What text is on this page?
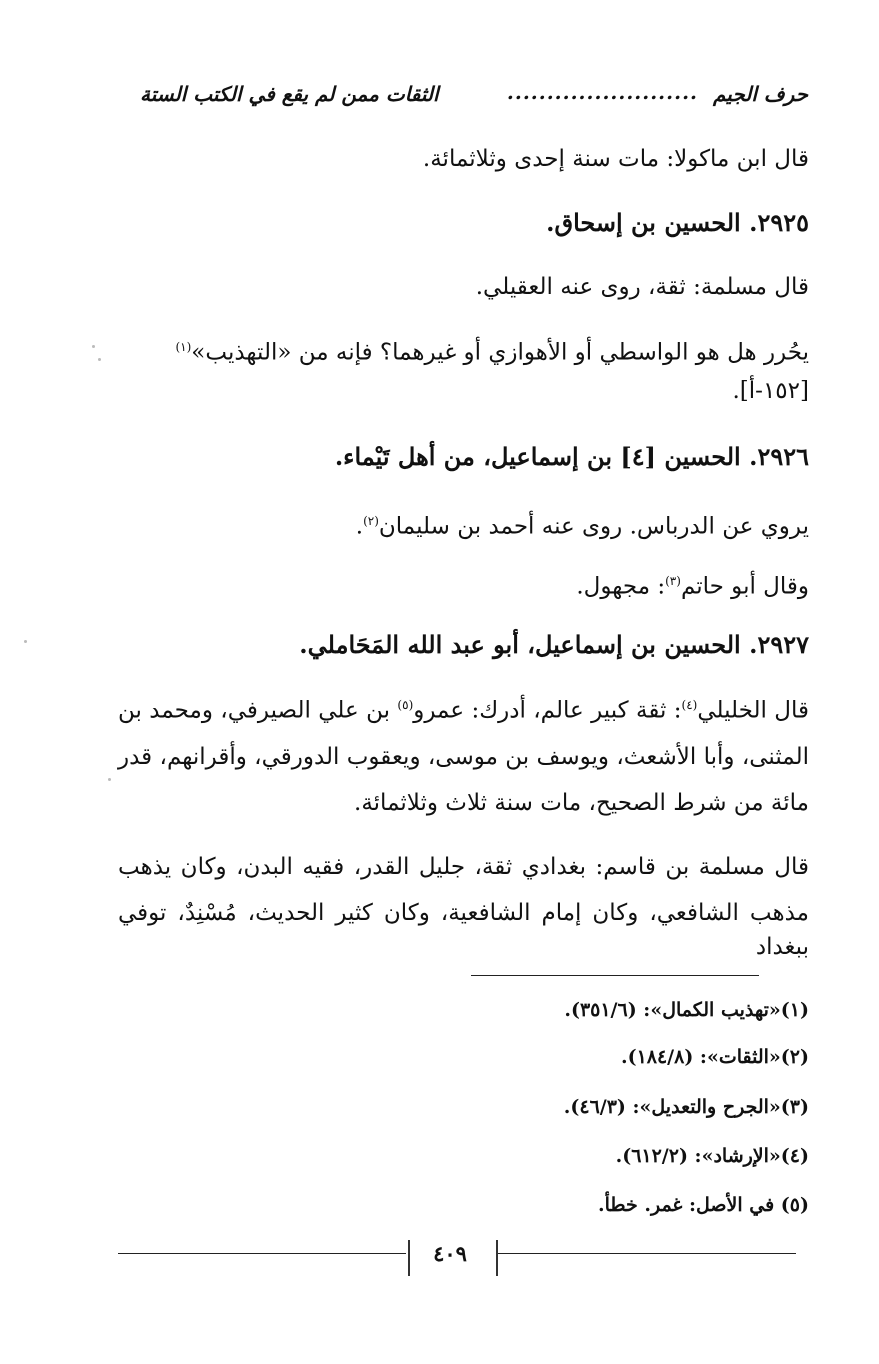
حرف الجيم
........................
الثقات ممن لم يقع في الكتب الستة
قال ابن ماكولا: مات سنة إحدى وثلاثمائة.
٢٩٢٥. الحسين بن إسحاق.
قال مسلمة: ثقة، روى عنه العقيلي.
يحُرر هل هو الواسطي أو الأهوازي أو غيرهما؟ فإنه من «التهذيب»$^{(١)}$
[١٥٢-أ].
٢٩٢٦. الحسين [٤] بن إسماعيل، من أهل تَيْماء.
يروي عن الدرباس. روى عنه أحمد بن سليمان$^{(٢)}$.
وقال أبو حاتم$^{(٣)}$: مجهول.
٢٩٢٧. الحسين بن إسماعيل، أبو عبد الله المَحَاملي.
قال الخليلي$^{(٤)}$: ثقة كبير عالم، أدرك: عمرو$^{(٥)}$ بن علي الصيرفي، ومحمد بن
المثنى، وأبا الأشعث، ويوسف بن موسى، ويعقوب الدورقي، وأقرانهم، قدر
مائة من شرط الصحيح، مات سنة ثلاث وثلاثمائة.
قال مسلمة بن قاسم: بغدادي ثقة، جليل القدر، فقيه البدن، وكان يذهب
مذهب الشافعي، وكان إمام الشافعية، وكان كثير الحديث، مُسْنِدٌ، توفي ببغداد
(١)«تهذيب الكمال»: (٣٥١/٦).
(٢)«الثقات»: (١٨٤/٨).
(٣)«الجرح والتعديل»: (٤٦/٣).
(٤)«الإرشاد»: (٦١٢/٢).
(٥) في الأصل: غمر. خطأ.
٤٠٩
